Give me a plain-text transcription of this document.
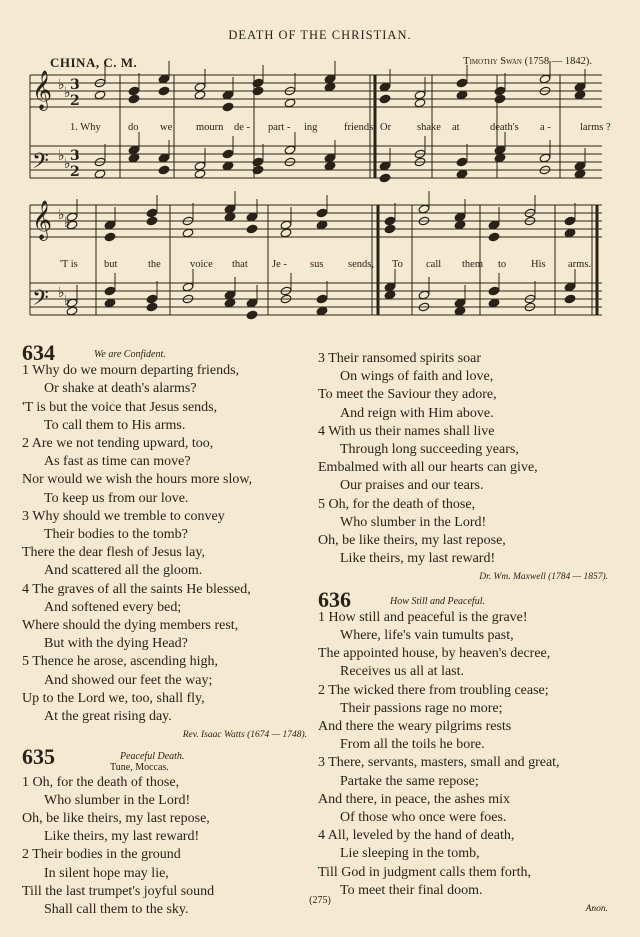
DEATH OF THE CHRISTIAN.
CHINA, C. M.	Timothy Swan (1758 — 1842).
𝄞
𝄢
𝄞
𝄢
♭ ♭ 3
2
♭ ♭ 3
2
♭ ♭
♭ ♭
1. Why	do we mourn de - part - ing	friends, Or shake at	death's a -	larms ?
'T is	but	the	voice that Je - sus sends, To call them to His arms.
634	We are Confident.
1 Why do we mourn departing friends,
Or shake at death's alarms?
'T is but the voice that Jesus sends,
To call them to His arms.
2 Are we not tending upward, too,
As fast as time can move?
Nor would we wish the hours more slow,
To keep us from our love.
3 Why should we tremble to convey
Their bodies to the tomb?
There the dear flesh of Jesus lay,
And scattered all the gloom.
4 The graves of all the saints He blessed,
And softened every bed;
Where should the dying members rest,
But with the dying Head?
5 Thence he arose, ascending high,
And showed our feet the way;
Up to the Lord we, too, shall fly,
At the great rising day.
Rev. Isaac Watts (1674 — 1748).
635	Peaceful Death.
Tune, Moccas.
1 Oh, for the death of those,
Who slumber in the Lord!
Oh, be like theirs, my last repose,
Like theirs, my last reward!
2 Their bodies in the ground
In silent hope may lie,
Till the last trumpet's joyful sound
Shall call them to the sky.
3 Their ransomed spirits soar
On wings of faith and love,
To meet the Saviour they adore,
And reign with Him above.
4 With us their names shall live
Through long succeeding years,
Embalmed with all our hearts can give,
Our praises and our tears.
5 Oh, for the death of those,
Who slumber in the Lord!
Oh, be like theirs, my last repose,
Like theirs, my last reward!
Dr. Wm. Maxwell (1784 — 1857).
636	How Still and Peaceful.
1 How still and peaceful is the grave!
Where, life's vain tumults past,
The appointed house, by heaven's decree,
Receives us all at last.
2 The wicked there from troubling cease;
Their passions rage no more;
And there the weary pilgrims rests
From all the toils he bore.
3 There, servants, masters, small and great,
Partake the same repose;
And there, in peace, the ashes mix
Of those who once were foes.
4 All, leveled by the hand of death,
Lie sleeping in the tomb,
Till God in judgment calls them forth,
To meet their final doom.
Anon.
(275)
